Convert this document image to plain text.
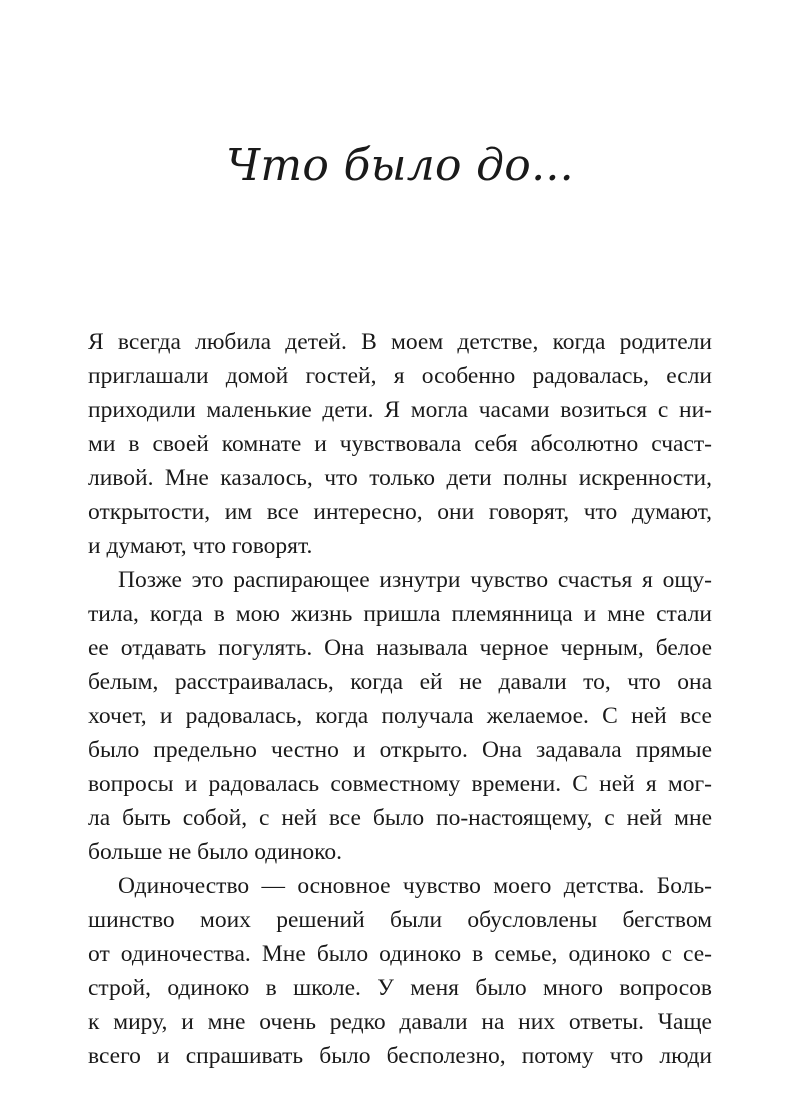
Что было до...
Я всегда любила детей. В моем детстве, когда родители
приглашали домой гостей, я особенно радовалась, если
приходили маленькие дети. Я могла часами возиться с ни-
ми в своей комнате и чувствовала себя абсолютно счаст-
ливой. Мне казалось, что только дети полны искренности,
открытости, им все интересно, они говорят, что думают,
и думают, что говорят.
Позже это распирающее изнутри чувство счастья я ощу-
тила, когда в мою жизнь пришла племянница и мне стали
ее отдавать погулять. Она называла черное черным, белое
белым, расстраивалась, когда ей не давали то, что она
хочет, и радовалась, когда получала желаемое. С ней все
было предельно честно и открыто. Она задавала прямые
вопросы и радовалась совместному времени. С ней я мог-
ла быть собой, с ней все было по-настоящему, с ней мне
больше не было одиноко.
Одиночество — основное чувство моего детства. Боль-
шинство моих решений были обусловлены бегством
от одиночества. Мне было одиноко в семье, одиноко с се-
строй, одиноко в школе. У меня было много вопросов
к миру, и мне очень редко давали на них ответы. Чаще
всего и спрашивать было бесполезно, потому что люди
